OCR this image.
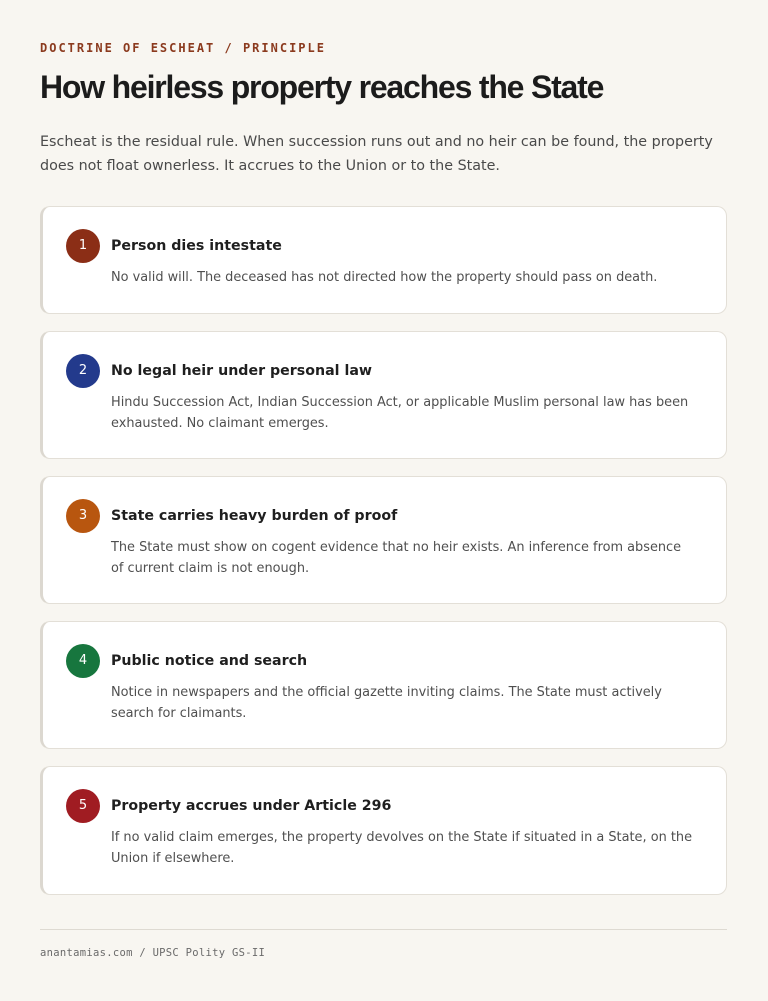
DOCTRINE OF ESCHEAT / PRINCIPLE
How heirless property reaches the State

Escheat is the residual rule. When succession runs out and no heir can be found, the property does not float ownerless. It accrues to the Union or to the State.

1	Person dies intestate

No valid will. The deceased has not directed how the property should pass on death.

2	No legal heir under personal law

Hindu Succession Act, Indian Succession Act, or applicable Muslim personal law has been exhausted. No claimant emerges.

3	State carries heavy burden of proof

The State must show on cogent evidence that no heir exists. An inference from absence of current claim is not enough.

4	Public notice and search

Notice in newspapers and the official gazette inviting claims. The State must actively search for claimants.

5	Property accrues under Article 296

If no valid claim emerges, the property devolves on the State if situated in a State, on the Union if elsewhere.

anantamias.com / UPSC Polity GS-II
